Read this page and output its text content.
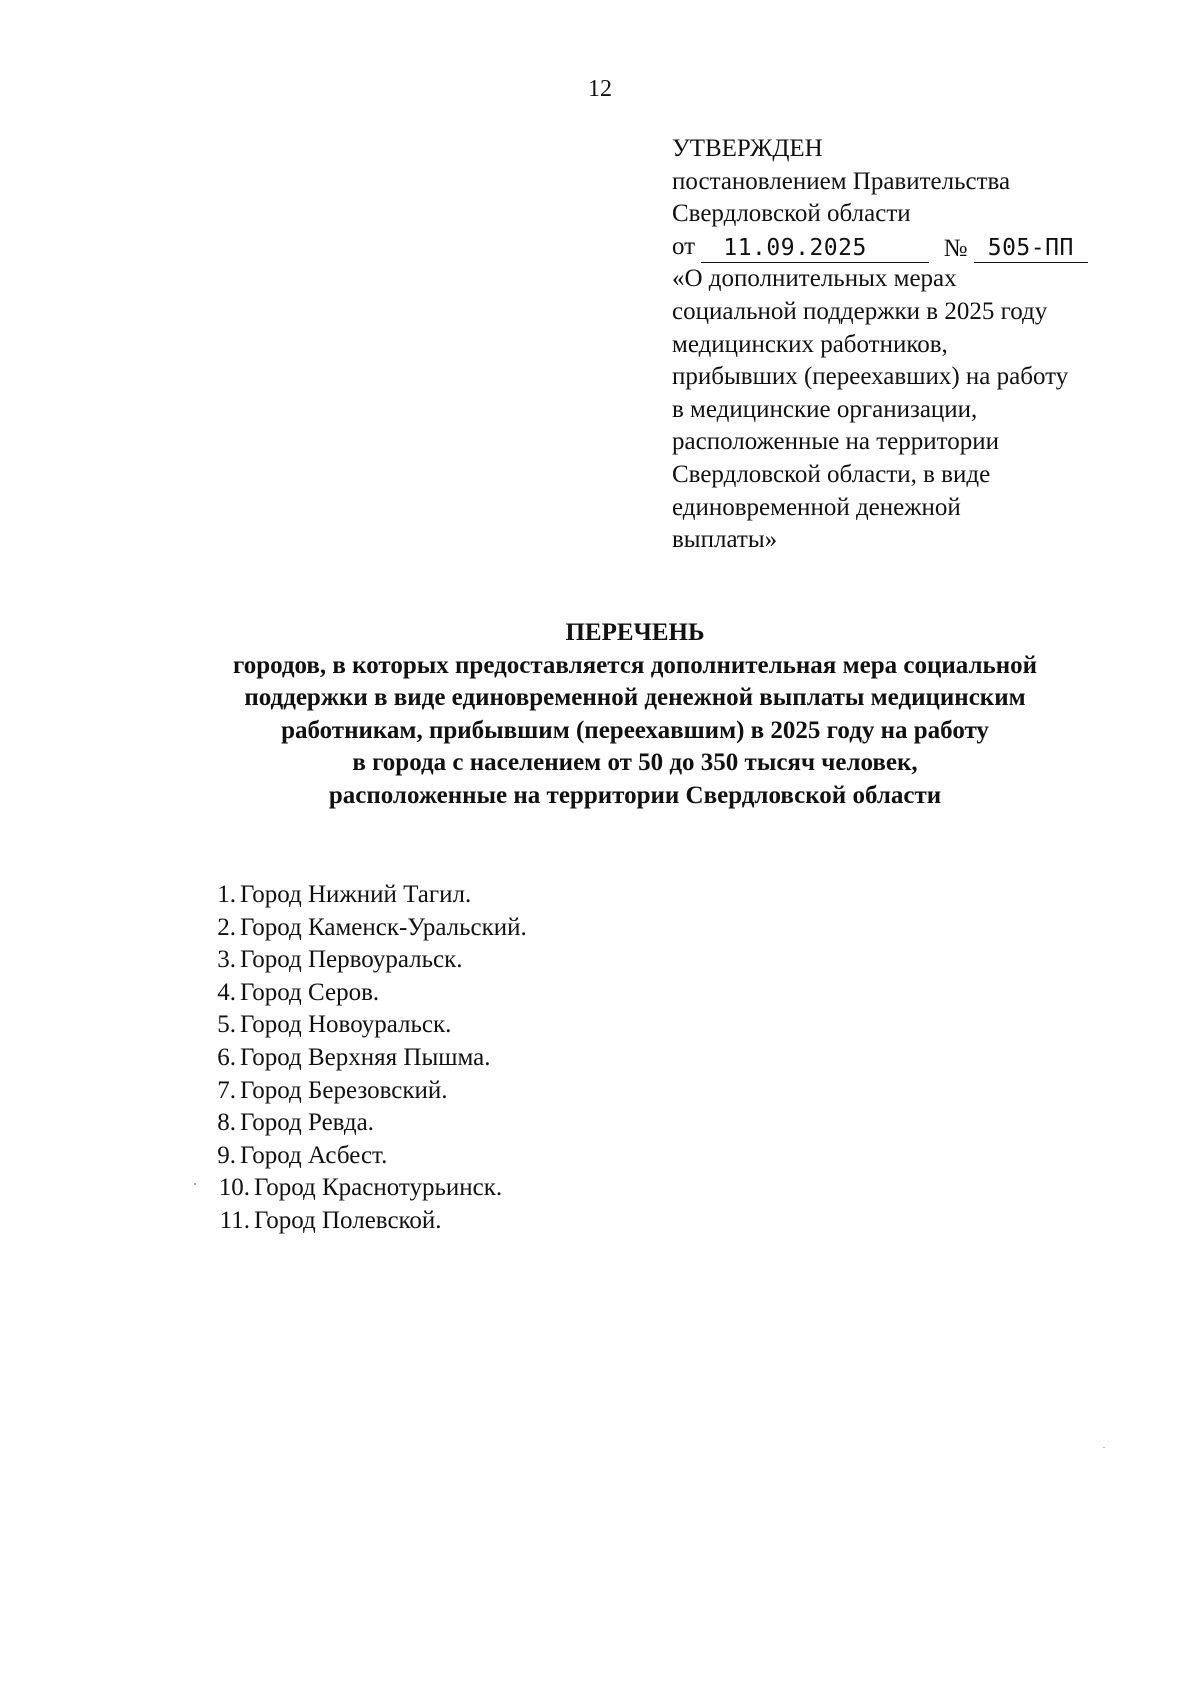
12
УТВЕРЖДЕН
постановлением Правительства
Свердловской области
от 11.09.2025	№ 505-ПП
«О дополнительных мерах
социальной поддержки в 2025 году
медицинских работников,
прибывших (переехавших) на работу
в медицинские организации,
расположенные на территории
Свердловской области, в виде
единовременной денежной
выплаты»
ПЕРЕЧЕНЬ
городов, в которых предоставляется дополнительная мера социальной
поддержки в виде единовременной денежной выплаты медицинским
работникам, прибывшим (переехавшим) в 2025 году на работу
в города с населением от 50 до 350 тысяч человек,
расположенные на территории Свердловской области
1. Город Нижний Тагил.
2. Город Каменск-Уральский.
3. Город Первоуральск.
4. Город Серов.
5. Город Новоуральск.
6. Город Верхняя Пышма.
7. Город Березовский.
8. Город Ревда.
9. Город Асбест.
10. Город Краснотурьинск.
11. Город Полевской.
